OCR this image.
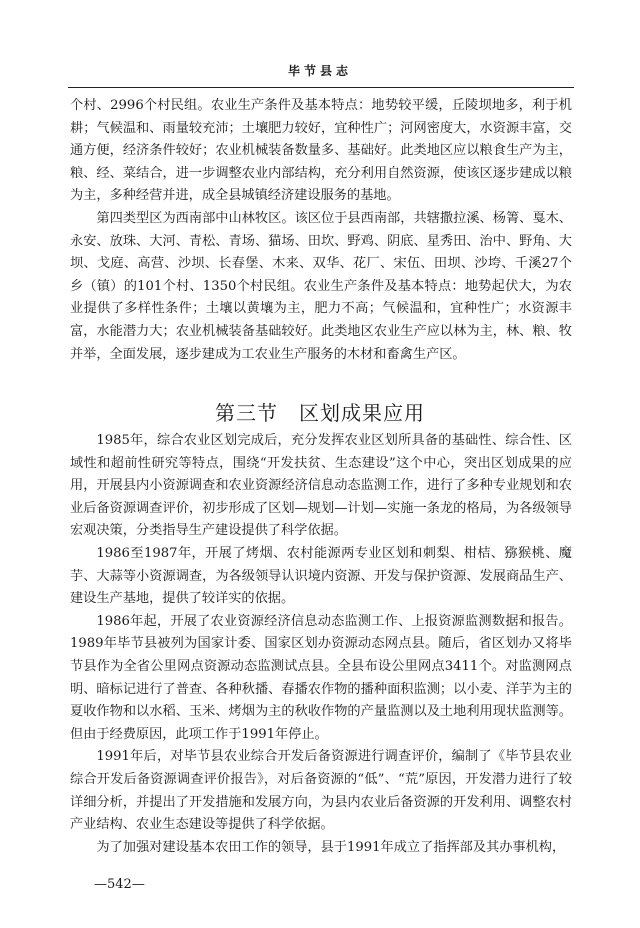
毕节县志

个村、2996个村民组。农业生产条件及基本特点：地势较平缓，丘陵坝地多，利于机耕；气候温和、雨量较充沛；土壤肥力较好，宜种性广；河网密度大，水资源丰富，交通方便，经济条件较好；农业机械装备数量多、基础好。此类地区应以粮食生产为主，粮、经、菜结合，进一步调整农业内部结构，充分利用自然资源，使该区逐步建成以粮为主，多种经营并进，成全县城镇经济建设服务的基地。

第四类型区为西南部中山林牧区。该区位于县西南部，共辖撒拉溪、杨箐、戛木、永安、放珠、大河、青松、青场、猫场、田坎、野鸡、阴底、星秀田、治中、野角、大坝、戈庭、高营、沙坝、长春堡、木来、双华、花厂、宋伍、田坝、沙垮、千溪27个乡（镇）的101个村、1350个村民组。农业生产条件及基本特点：地势起伏大，为农业提供了多样性条件；土壤以黄壤为主，肥力不高；气候温和，宜种性广；水资源丰富，水能潜力大；农业机械装备基础较好。此类地区农业生产应以林为主，林、粮、牧并举，全面发展，逐步建成为工农业生产服务的木材和畜禽生产区。

第三节　区划成果应用

1985年，综合农业区划完成后，充分发挥农业区划所具备的基础性、综合性、区域性和超前性研究等特点，围绕“开发扶贫、生态建设”这个中心，突出区划成果的应用，开展县内小资源调查和农业资源经济信息动态监测工作，进行了多种专业规划和农业后备资源调查评价，初步形成了区划—规划—计划—实施一条龙的格局，为各级领导宏观决策，分类指导生产建设提供了科学依据。

1986至1987年，开展了烤烟、农村能源两专业区划和刺梨、柑桔、猕猴桃、魔芋、大蒜等小资源调查，为各级领导认识境内资源、开发与保护资源、发展商品生产、建设生产基地，提供了较详实的依据。

1986年起，开展了农业资源经济信息动态监测工作、上报资源监测数据和报告。1989年毕节县被列为国家计委、国家区划办资源动态网点县。随后，省区划办又将毕节县作为全省公里网点资源动态监测试点县。全县布设公里网点3411个。对监测网点明、暗标记进行了普查、各种秋播、春播农作物的播种面积监测；以小麦、洋芋为主的夏收作物和以水稻、玉米、烤烟为主的秋收作物的产量监测以及土地利用现状监测等。但由于经费原因，此项工作于1991年停止。

1991年后，对毕节县农业综合开发后备资源进行调查评价，编制了《毕节县农业综合开发后备资源调查评价报告》，对后备资源的“低”、“荒”原因，开发潜力进行了较详细分析，并提出了开发措施和发展方向，为县内农业后备资源的开发利用、调整农村产业结构、农业生态建设等提供了科学依据。

为了加强对建设基本农田工作的领导，县于1991年成立了指挥部及其办事机构，

—542—
